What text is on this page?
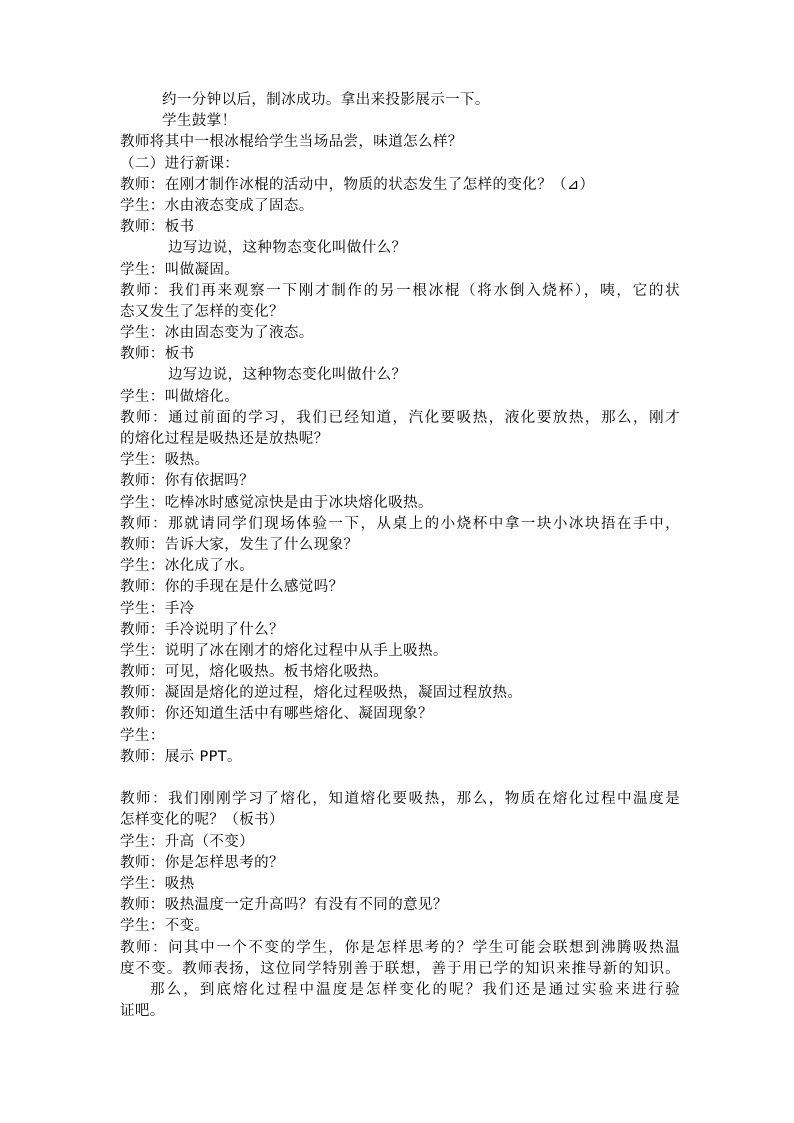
约一分钟以后，制冰成功。拿出来投影展示一下。
学生鼓掌！
教师将其中一根冰棍给学生当场品尝，味道怎么样？
（二）进行新课：
教师：在刚才制作冰棍的活动中，物质的状态发生了怎样的变化？（⊿）
学生：水由液态变成了固态。
教师：板书
边写边说，这种物态变化叫做什么？
学生：叫做凝固。
教师：我们再来观察一下刚才制作的另一根冰棍（将水倒入烧杯），咦，它的状
态又发生了怎样的变化？
学生：冰由固态变为了液态。
教师：板书
边写边说，这种物态变化叫做什么？
学生：叫做熔化。
教师：通过前面的学习，我们已经知道，汽化要吸热，液化要放热，那么，刚才
的熔化过程是吸热还是放热呢？
学生：吸热。
教师：你有依据吗？
学生：吃棒冰时感觉凉快是由于冰块熔化吸热。
教师：那就请同学们现场体验一下，从桌上的小烧杯中拿一块小冰块捂在手中，
教师：告诉大家，发生了什么现象？
学生：冰化成了水。
教师：你的手现在是什么感觉吗？
学生：手冷
教师：手冷说明了什么？
学生：说明了冰在刚才的熔化过程中从手上吸热。
教师：可见，熔化吸热。板书熔化吸热。
教师：凝固是熔化的逆过程，熔化过程吸热，凝固过程放热。
教师：你还知道生活中有哪些熔化、凝固现象？
学生：
教师：展示 PPT。
教师：我们刚刚学习了熔化，知道熔化要吸热，那么，物质在熔化过程中温度是
怎样变化的呢？（板书）
学生：升高（不变）
教师：你是怎样思考的？
学生：吸热
教师：吸热温度一定升高吗？有没有不同的意见？
学生：不变。
教师：问其中一个不变的学生，你是怎样思考的？学生可能会联想到沸腾吸热温
度不变。教师表扬，这位同学特别善于联想，善于用已学的知识来推导新的知识。
那么，到底熔化过程中温度是怎样变化的呢？我们还是通过实验来进行验
证吧。
